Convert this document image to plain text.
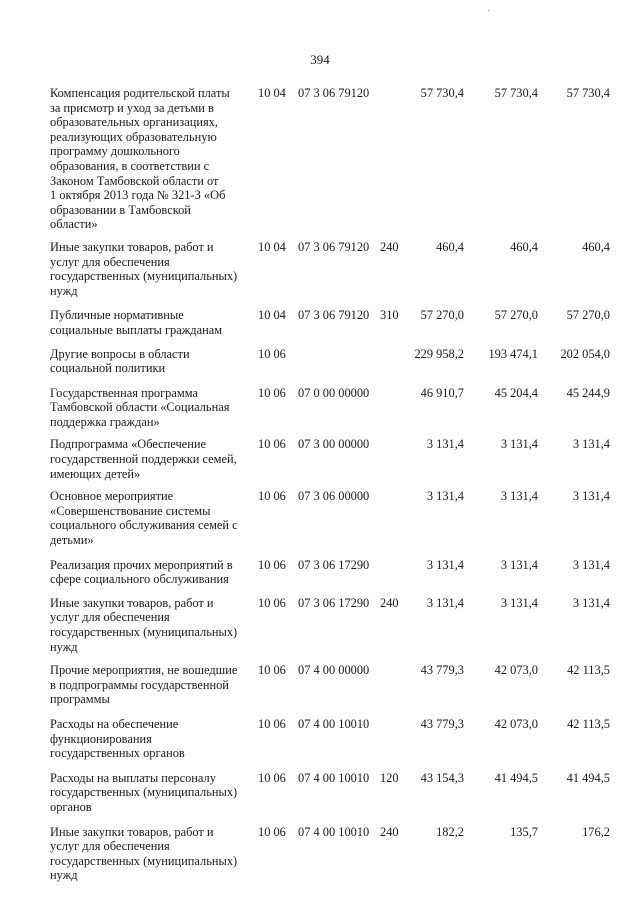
394
Компенсация родительской платы
за присмотр и уход за детьми в
образовательных организациях,
реализующих образовательную
программу дошкольного
образования, в соответствии с
Законом Тамбовской области от
1 октября 2013 года № 321-З «Об
образовании в Тамбовской
области»
10 04 07 3 06 79120	57 730,4	57 730,4	57 730,4
Иные закупки товаров, работ и
услуг для обеспечения
государственных (муниципальных)
нужд
10 04 07 3 06 79120 240	460,4	460,4	460,4
Публичные нормативные
социальные выплаты гражданам
10 04 07 3 06 79120 310	57 270,0	57 270,0	57 270,0
Другие вопросы в области
социальной политики
10 06	229 958,2	193 474,1	202 054,0
Государственная программа
Тамбовской области «Социальная
поддержка граждан»
10 06 07 0 00 00000	46 910,7	45 204,4	45 244,9
Подпрограмма «Обеспечение
государственной поддержки семей,
имеющих детей»
10 06 07 3 00 00000	3 131,4	3 131,4	3 131,4
Основное мероприятие
«Совершенствование системы
социального обслуживания семей с
детьми»
10 06 07 3 06 00000	3 131,4	3 131,4	3 131,4
Реализация прочих мероприятий в
сфере социального обслуживания
10 06 07 3 06 17290	3 131,4	3 131,4	3 131,4
Иные закупки товаров, работ и
услуг для обеспечения
государственных (муниципальных)
нужд
10 06 07 3 06 17290 240	3 131,4	3 131,4	3 131,4
Прочие мероприятия, не вошедшие
в подпрограммы государственной
программы
10 06 07 4 00 00000	43 779,3	42 073,0	42 113,5
Расходы на обеспечение
функционирования
государственных органов
10 06 07 4 00 10010	43 779,3	42 073,0	42 113,5
Расходы на выплаты персоналу
государственных (муниципальных)
органов
10 06 07 4 00 10010 120	43 154,3	41 494,5	41 494,5
Иные закупки товаров, работ и
услуг для обеспечения
государственных (муниципальных)
нужд
10 06 07 4 00 10010 240	182,2	135,7	176,2
